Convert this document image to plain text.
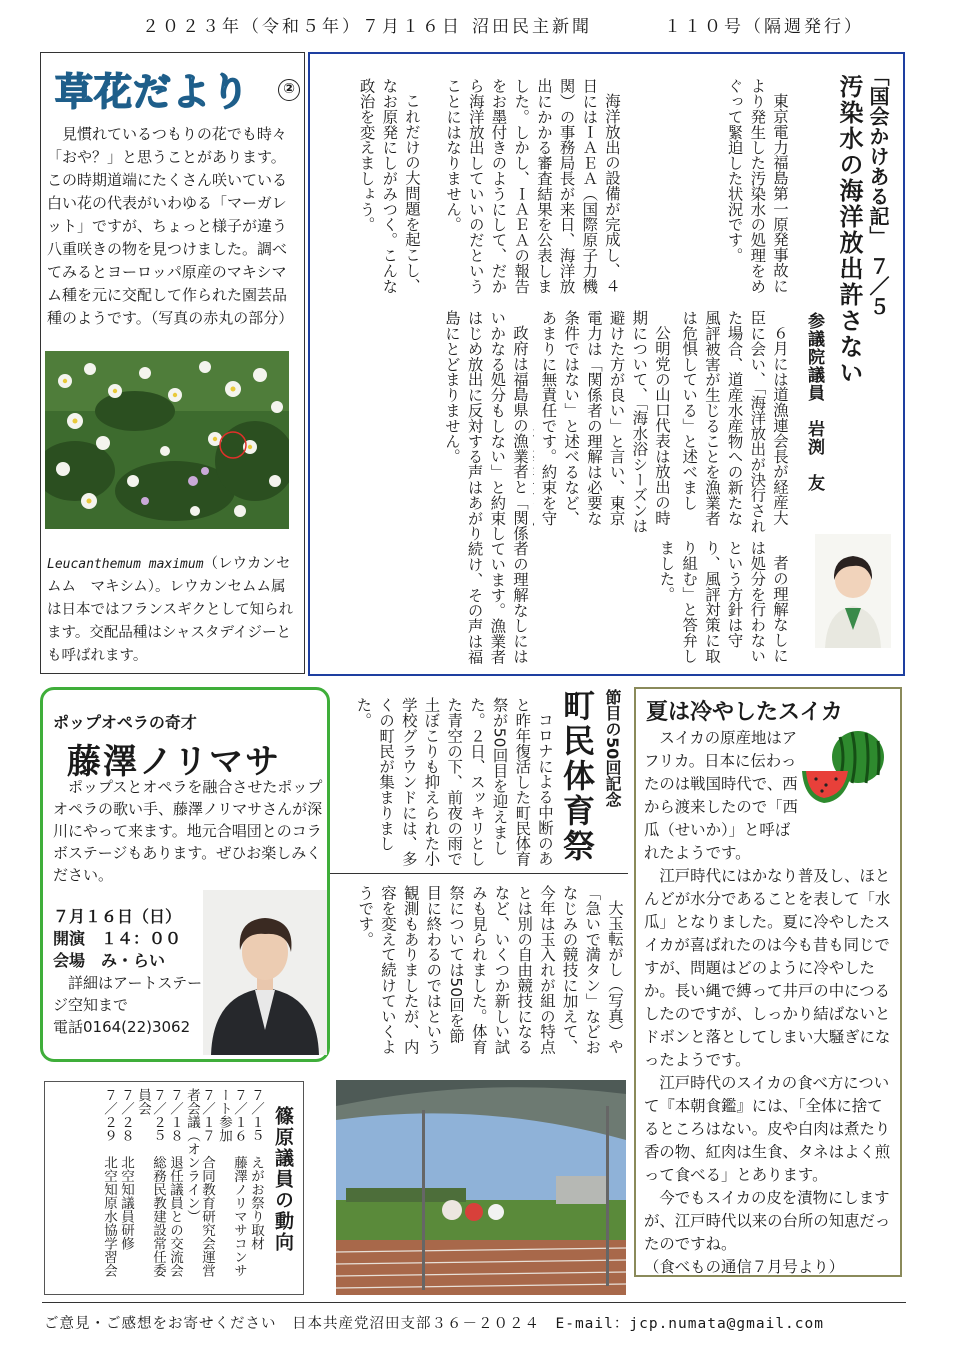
２０２３年（令和５年）７月１６日 沼田民主新聞	１１０号（隔週発行）
草花だより	②
見慣れているつもりの花でも時々「おや？」と思うことがあります。この時期道端にたくさん咲いている白い花の代表がいわゆる「マーガレット」ですが、ちょっと様子が違う八重咲きの物を見つけました。調べてみるとヨーロッパ原産のマキシマム種を元に交配して作られた園芸品種のようです。（写真の赤丸の部分）
Leucanthemum maximum（レウカンセムム　マキシム）。レウカンセムム属は日本ではフランスギクとして知られます。交配品種はシャスタデイジーとも呼ばれます。
「国会かけある記」　７／５
汚染水の海洋放出許さない
参議院議員　岩渕　友

東京電力福島第一原発事故により発生した汚染水の処理をめぐって緊迫した状況です。

６月には道漁連会長が経産大臣に会い、「海洋放出が決行された場合、道産水産物への新たな風評被害が生じることを漁業者は危惧している」と述べまし

公明党の山口代表は放出の時期について、「海水浴シーズンは避けた方が良い」と言い、東京電力は「関係者の理解は必要な条件ではない」と述べるなど、あまりに無責任です。約束を守

者の理解なしには処分を行わないという方針は守り、風評対策に取り組む」と答弁しました。

海洋放出の設備が完成し、４日にはＩＡＥＡ（国際原子力機関）の事務局長が来日、海洋放出にかかる審査結果を公表しました。しかし、ＩＡＥＡの報告をお墨付きのようにして、だから海洋放出していいのだということにはなりません。

政府は福島県の漁業者と「関係者の理解なしにはいかなる処分もしない」と約束しています。漁業者はじめ放出に反対する声はあがり続け、その声は福島にとどまりません。

これだけの大問題を起こし、なお原発にしがみつく。こんな政治を変えましょう。

ポップオペラの奇才
藤澤ノリマサ
ポップスとオペラを融合させたポップオペラの歌い手、藤澤ノリマサさんが深川にやって来ます。地元合唱団とのコラボステージもあります。ぜひお楽しみください。
７月１６日（日）
開演　１４：００
会場　み・らい
詳細はアートステージ空知まで
電話0164(22)3062
節目の50回記念
町民体育祭

コロナによる中断のあと昨年復活した町民体育祭が50回目を迎えました。２日、スッキリとした青空の下、前夜の雨で土ぼこりも抑えられた小学校グラウンドには、多くの町民が集まりました。

大玉転がし（写真）や「急いで満タン」などおなじみの競技に加えて、今年は玉入れが組の特点とは別の自由競技になるなど、いくつか新しい試みも見られました。体育祭については50回を節目に終わるのではという観測もありましたが、内容を変えて続けていくようです。

夏は冷やしたスイカ

スイカの原産地はアフリカ。日本に伝わったのは戦国時代で、西から渡来したので「西瓜（せいか）」と呼ばれたようです。

江戸時代にはかなり普及し、ほとんどが水分であることを表して「水瓜」となりました。夏に冷やしたスイカが喜ばれたのは今も昔も同じですが、問題はどのように冷やしたか。長い縄で縛って井戸の中につるしたのですが、しっかり結ばないとドボンと落としてしまい大騒ぎになったようです。

江戸時代のスイカの食べ方について『本朝食鑑』には、「全体に捨てるところはない。皮や白肉は煮たり香の物、紅肉は生食、タネはよく煎って食べる」とあります。

今でもスイカの皮を漬物にしますが、江戸時代以来の台所の知恵だったのですね。

（食べもの通信７月号より）
篠原議員の動向
７／１５　えがお祭り取材
７／１６　藤澤ノリマサコンサート参加
７／１７　合同教育研究会運営者会議（オンライン）
７／１８　退任議員との交流会
７／２５　総務民教建設常任委員会
７／２８　北空知議員研修
７／２９　北空知原水協学習会
ご意見・ご感想をお寄せください　日本共産党沼田支部３６－２０２４　E-mail：jcp.numata@gmail.com
